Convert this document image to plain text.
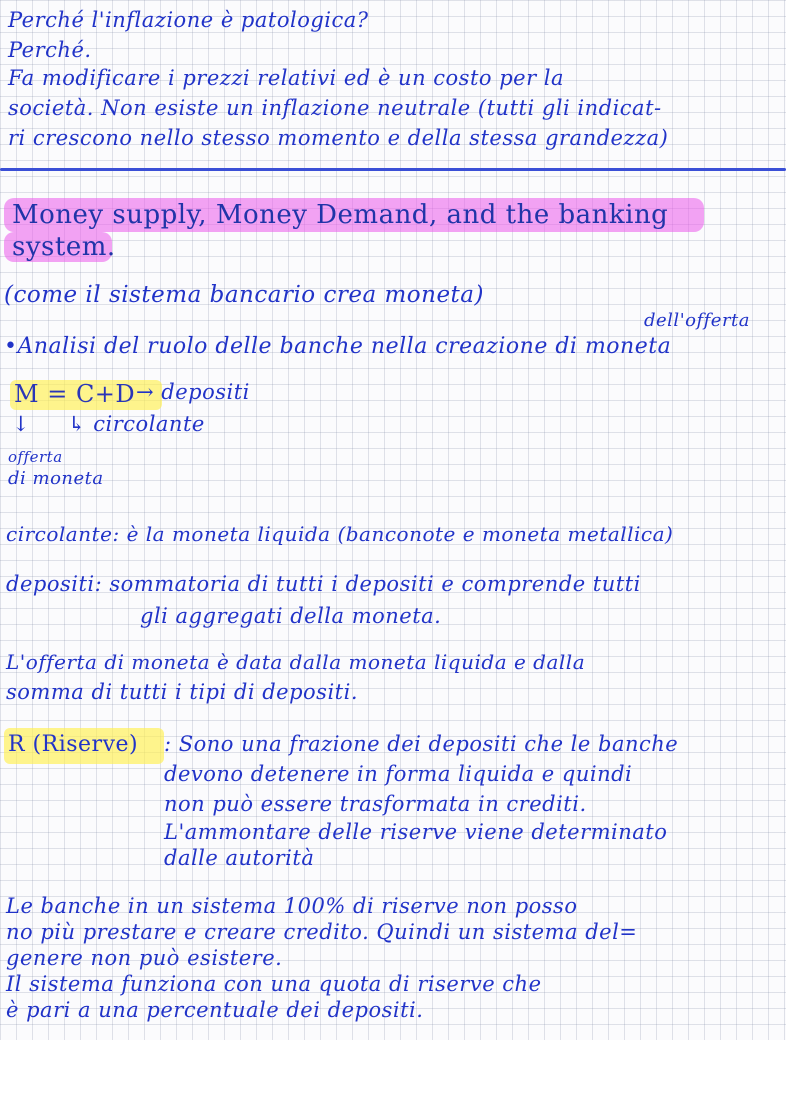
Perché l'inflazione è patologica?
Perché.
Fa modificare i prezzi relativi ed è un costo per la
società. Non esiste un inflazione neutrale (tutti gli indicat-
ri crescono nello stesso momento e della stessa grandezza)
Money supply, Money Demand, and the banking
system.
(come il sistema bancario crea moneta)
dell'offerta
•Analisi del ruolo delle banche nella creazione di moneta
M = C+D → depositi
↳ circolante
↓
offerta
di moneta
circolante: è la moneta liquida (banconote e moneta metallica)
depositi: sommatoria di tutti i depositi e comprende tutti
gli aggregati della moneta.
L'offerta di moneta è data dalla moneta liquida e dalla
somma di tutti i tipi di depositi.
R (Riserve) : Sono una frazione dei depositi che le banche
devono detenere in forma liquida e quindi
non può essere trasformata in crediti.
L'ammontare delle riserve viene determinato
dalle autorità
Le banche in un sistema 100% di riserve non posso
no più prestare e creare credito. Quindi un sistema del=
genere non può esistere.
Il sistema funziona con una quota di riserve che
è pari a una percentuale dei depositi.
